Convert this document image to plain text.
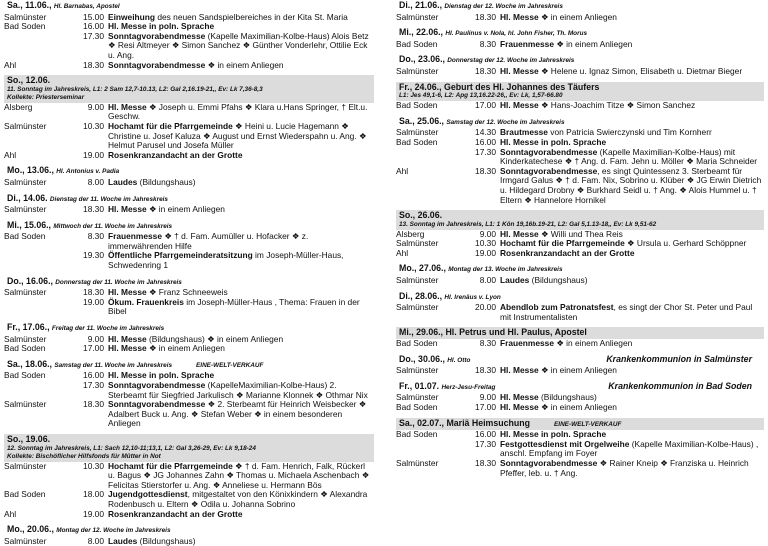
Sa., 11.06., Hl. Barnabas, Apostel
Salmünster	15.00 Einweihung des neuen Sandspielbereiches in der Kita St. Maria
Bad Soden	16.00 Hl. Messe in poln. Sprache
17.30 Sonntagvorabendmesse (Kapelle Maximilian-Kolbe-Haus) Alois Betz ❖ Resi Altmeyer ❖ Simon Sanchez ❖ Günther Vonderlehr, Ottilie Eck u. Ang.
Ahl	18.30 Sonntagvorabendmesse ❖ in einem Anliegen
So., 12.06.
11. Sonntag im Jahreskreis, L1: 2 Sam 12,7-10.13, L2: Gal 2,16.19-21,, Ev: Lk 7,36-8,3
Kollekte: Priesterseminar
Alsberg	9.00 Hl. Messe ❖ Joseph u. Emmi Pfahs ❖ Klara u.Hans Springer, † Elt.u. Geschw.
Salmünster	10.30 Hochamt für die Pfarrgemeinde ❖ Heini u. Lucie Hagemann ❖ Christine u. Josef Kaluza ❖ August und Ernst Wiederspahn u. Ang. ❖ Helmut Parusel und Josefa Müller
Ahl	19.00 Rosenkranzandacht an der Grotte
Mo., 13.06., Hl. Antonius v. Padia
Salmünster	8.00 Laudes (Bildungshaus)
Di., 14.06. Dienstag der 11. Woche im Jahreskreis
Salmünster	18.30 Hl. Messe ❖ in einem Anliegen
Mi., 15.06., Mittwoch der 11. Woche im Jahreskreis
Bad Soden	8.30 Frauenmesse ❖ † d. Fam. Aumüller u. Hofacker ❖ z. immerwährenden Hilfe
19.30 Öffentliche Pfarrgemeinderatsitzung im Joseph-Müller-Haus, Schwedenring 1
Do., 16.06., Donnerstag der 11. Woche im Jahreskreis
Salmünster	18.30 Hl. Messe ❖ Franz Schneeweis
19.00 Ökum. Frauenkreis im Joseph-Müller-Haus , Thema: Frauen in der Bibel
Fr., 17.06., Freitag der 11. Woche im Jahreskreis
Salmünster	9.00 Hl. Messe (Bildungshaus) ❖ in einem Anliegen
Bad Soden	17.00 Hl. Messe ❖ in einem Anliegen
Sa., 18.06., Samstag der 11. Woche im Jahreskreis	EINE-WELT-VERKAUF
Bad Soden	16.00 Hl. Messe in poln. Sprache
17.30 Sonntagvorabendmesse (KapelleMaximilian-Kolbe-Haus) 2. Sterbeamt für Siegfried Jarkulisch ❖ Marianne Klonnek ❖ Othmar Nix
Salmünster	18.30 Sonntagvorabendmesse ❖ 2. Sterbeamt für Heinrich Weisbecker ❖ Adalbert Buck u. Ang. ❖ Stefan Weber ❖ in einem besonderen Anliegen
So., 19.06.
12. Sonntag im Jahreskreis, L1: Sach 12,10-11;13,1, L2: Gal 3,26-29, Ev: Lk 9,18-24
Kollekte: Bischöflicher Hilfsfonds für Mütter in Not
Salmünster	10.30 Hochamt für die Pfarrgemeinde ❖ † d. Fam. Henrich, Falk, Rückerl u. Bagus ❖ JG Johannes Zahn ❖ Thomas u. Michaela Aschenbach ❖ Felicitas Stierstorfer u. Ang. ❖ Anneliese u. Hermann Bös
Bad Soden	18.00 Jugendgottesdienst, mitgestaltet von den Könixkindern ❖ Alexandra Rodenbusch u. Eltern ❖ Odila u. Johanna Sobrino
Ahl	19.00 Rosenkranzandacht an der Grotte
Mo., 20.06., Montag der 12. Woche im Jahreskreis
Salmünster	8.00 Laudes (Bildungshaus)
Di., 21.06., Dienstag der 12. Woche im Jahreskreis
Salmünster	18.30 Hl. Messe ❖ in einem Anliegen
Mi., 22.06., Hl. Paulinus v. Nola, hl. John Fisher, Th. Morus
Bad Soden	8.30 Frauenmesse ❖ in einem Anliegen
Do., 23.06., Donnerstag der 12. Woche im Jahreskreis
Salmünster	18.30 Hl. Messe ❖ Helene u. Ignaz Simon, Elisabeth u. Dietmar Bieger
Fr., 24.06., Geburt des Hl. Johannes des Täufers
L1: Jes 49,1-6, L2: Apg 13,16.22-26,, Ev: Lk, 1,57-66.80
Bad Soden	17.00 Hl. Messe ❖ Hans-Joachim Titze ❖ Simon Sanchez
Sa., 25.06., Samstag der 12. Woche im Jahreskreis
Salmünster	14.30 Brautmesse von Patricia Swierczynski und Tim Kornherr
Bad Soden	16.00 Hl. Messe in poln. Sprache
17.30 Sonntagvorabendmesse (Kapelle Maximilian-Kolbe-Haus) mit Kinderkatechese ❖ † Ang. d. Fam. Jehn u. Möller ❖ Maria Schneider
Ahl	18.30 Sonntagvorabendmesse, es singt Quintessenz 3. Sterbeamt für Irmgard Galus ❖ † d. Fam. Nix, Sobrino u. Klüber ❖ JG Erwin Dietrich u. Hildegard Drobny ❖ Burkhard Seidl u. † Ang. ❖ Alois Hummel u. † Eltern ❖ Hannelore Hornikel
So., 26.06.
13. Sonntag im Jahreskreis, L1: 1 Kön 19,16b.19-21, L2: Gal 5,1.13-18,, Ev: Lk 9,51-62
Alsberg	9.00 Hl. Messe ❖ Willi und Thea Reis
Salmünster	10.30 Hochamt für die Pfarrgemeinde ❖ Ursula u. Gerhard Schöppner
Ahl	19.00 Rosenkranzandacht an der Grotte
Mo., 27.06., Montag der 13. Woche im Jahreskreis
Salmünster	8.00 Laudes (Bildungshaus)
Di., 28.06., Hl. Irenäus v. Lyon
Salmünster	20.00 Abendlob zum Patronatsfest, es singt der Chor St. Peter und Paul mit Instrumentalisten
Mi., 29.06., Hl. Petrus und Hl. Paulus, Apostel
Bad Soden	8.30 Frauenmesse ❖ in einem Anliegen
Krankenkommunion in Salmünster
Do., 30.06., Hl. Otto
Salmünster	18.30 Hl. Messe ❖ in einem Anliegen
Krankenkommunion in Bad Soden
Fr., 01.07. Herz-Jesu-Freitag
Salmünster	9.00 Hl. Messe (Bildungshaus)
Bad Soden	17.00 Hl. Messe ❖ in einem Anliegen
Sa., 02.07., Mariä Heimsuchung	EINE-WELT-VERKAUF
Bad Soden	16.00 Hl. Messe in poln. Sprache
17.30 Festgottesdienst mit Orgelweihe (Kapelle Maximilian-Kolbe-Haus) , anschl. Empfang im Foyer
Salmünster	18.30 Sonntagvorabendmesse ❖ Rainer Kneip ❖ Franziska u. Heinrich Pfeffer, leb. u. † Ang.
